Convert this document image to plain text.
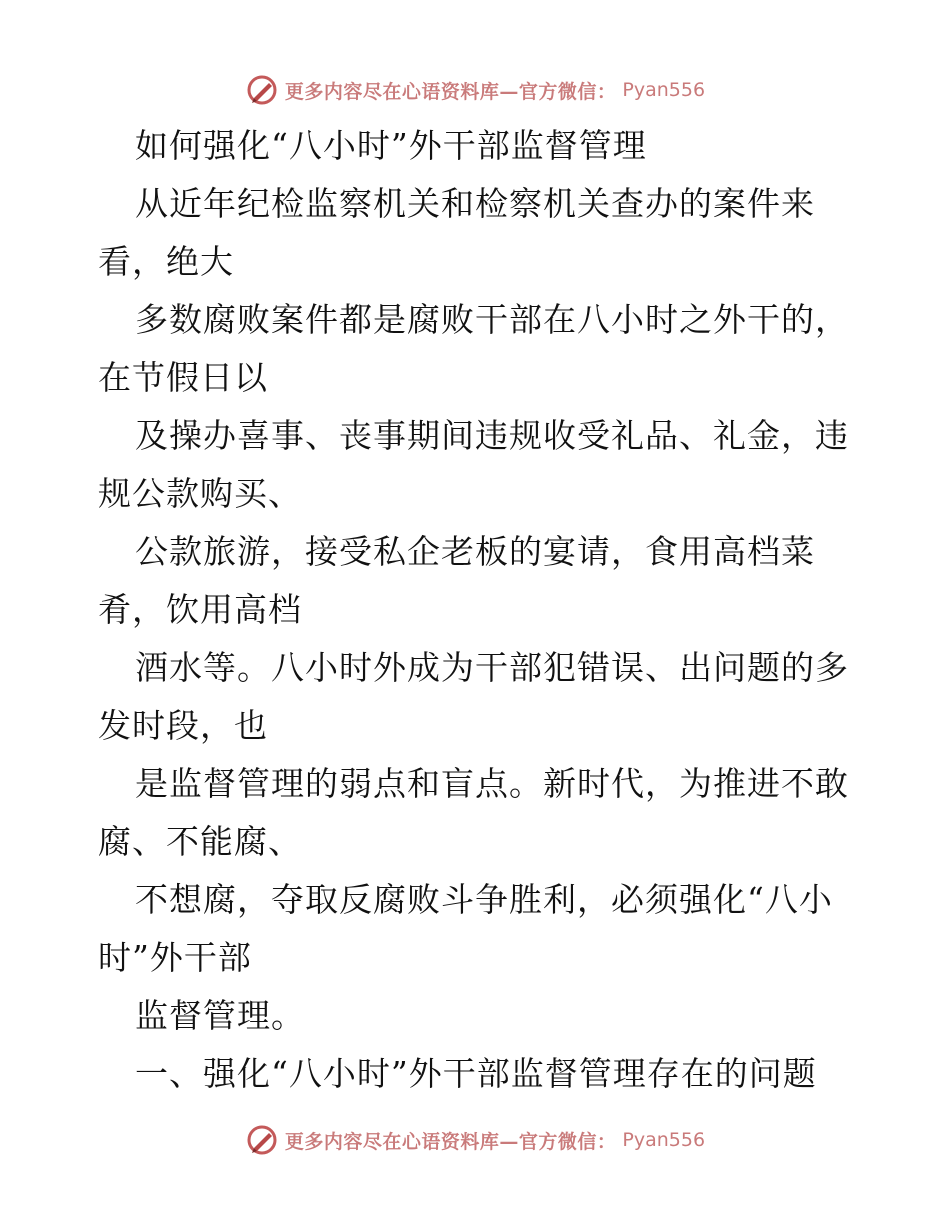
更多内容尽在心语资料库—官方微信： Pyan556
如何强化“八小时”外干部监督管理
从近年纪检监察机关和检察机关查办的案件来
看，绝大
多数腐败案件都是腐败干部在八小时之外干的，
在节假日以
及操办喜事、丧事期间违规收受礼品、礼金，违
规公款购买、
公款旅游，接受私企老板的宴请，食用高档菜
肴，饮用高档
酒水等。八小时外成为干部犯错误、出问题的多
发时段，也
是监督管理的弱点和盲点。新时代，为推进不敢
腐、不能腐、
不想腐，夺取反腐败斗争胜利，必须强化“八小
时”外干部
监督管理。
一、强化“八小时”外干部监督管理存在的问题
更多内容尽在心语资料库—官方微信： Pyan556
